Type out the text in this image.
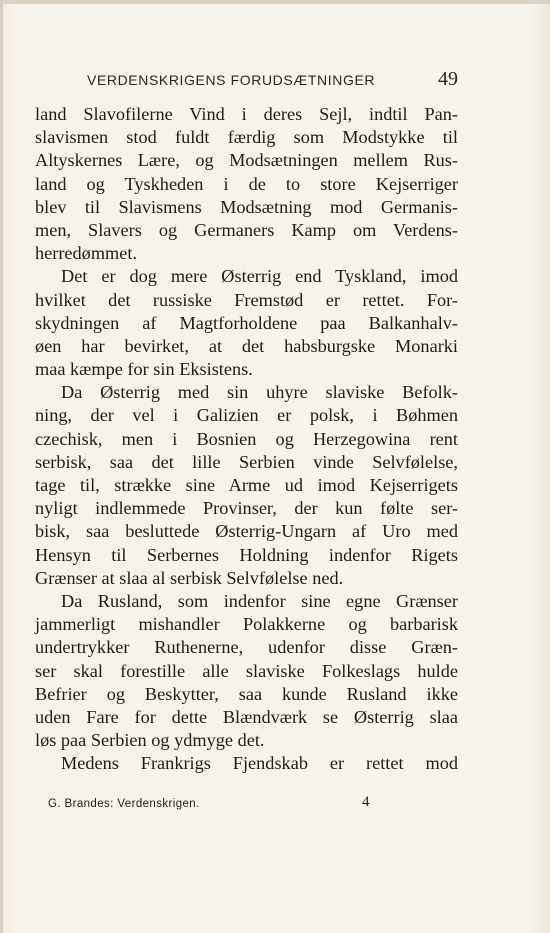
VERDENSKRIGENS FORUDSÆTNINGER	49
land Slavofilerne Vind i deres Sejl, indtil Pan-
slavismen stod fuldt færdig som Modstykke til
Altyskernes Lære, og Modsætningen mellem Rus-
land og Tyskheden i de to store Kejserriger
blev til Slavismens Modsætning mod Germanis-
men, Slavers og Germaners Kamp om Verdens-
herredømmet.
Det er dog mere Østerrig end Tyskland, imod
hvilket det russiske Fremstød er rettet. For-
skydningen af Magtforholdene paa Balkanhalv-
øen har bevirket, at det habsburgske Monarki
maa kæmpe for sin Eksistens.
Da Østerrig med sin uhyre slaviske Befolk-
ning, der vel i Galizien er polsk, i Bøhmen
czechisk, men i Bosnien og Herzegowina rent
serbisk, saa det lille Serbien vinde Selvfølelse,
tage til, strække sine Arme ud imod Kejserrigets
nyligt indlemmede Provinser, der kun følte ser-
bisk, saa besluttede Østerrig-Ungarn af Uro med
Hensyn til Serbernes Holdning indenfor Rigets
Grænser at slaa al serbisk Selvfølelse ned.
Da Rusland, som indenfor sine egne Grænser
jammerligt mishandler Polakkerne og barbarisk
undertrykker Ruthenerne, udenfor disse Græn-
ser skal forestille alle slaviske Folkeslags hulde
Befrier og Beskytter, saa kunde Rusland ikke
uden Fare for dette Blændværk se Østerrig slaa
løs paa Serbien og ydmyge det.
Medens Frankrigs Fjendskab er rettet mod
G. Brandes: Verdenskrigen.	4
